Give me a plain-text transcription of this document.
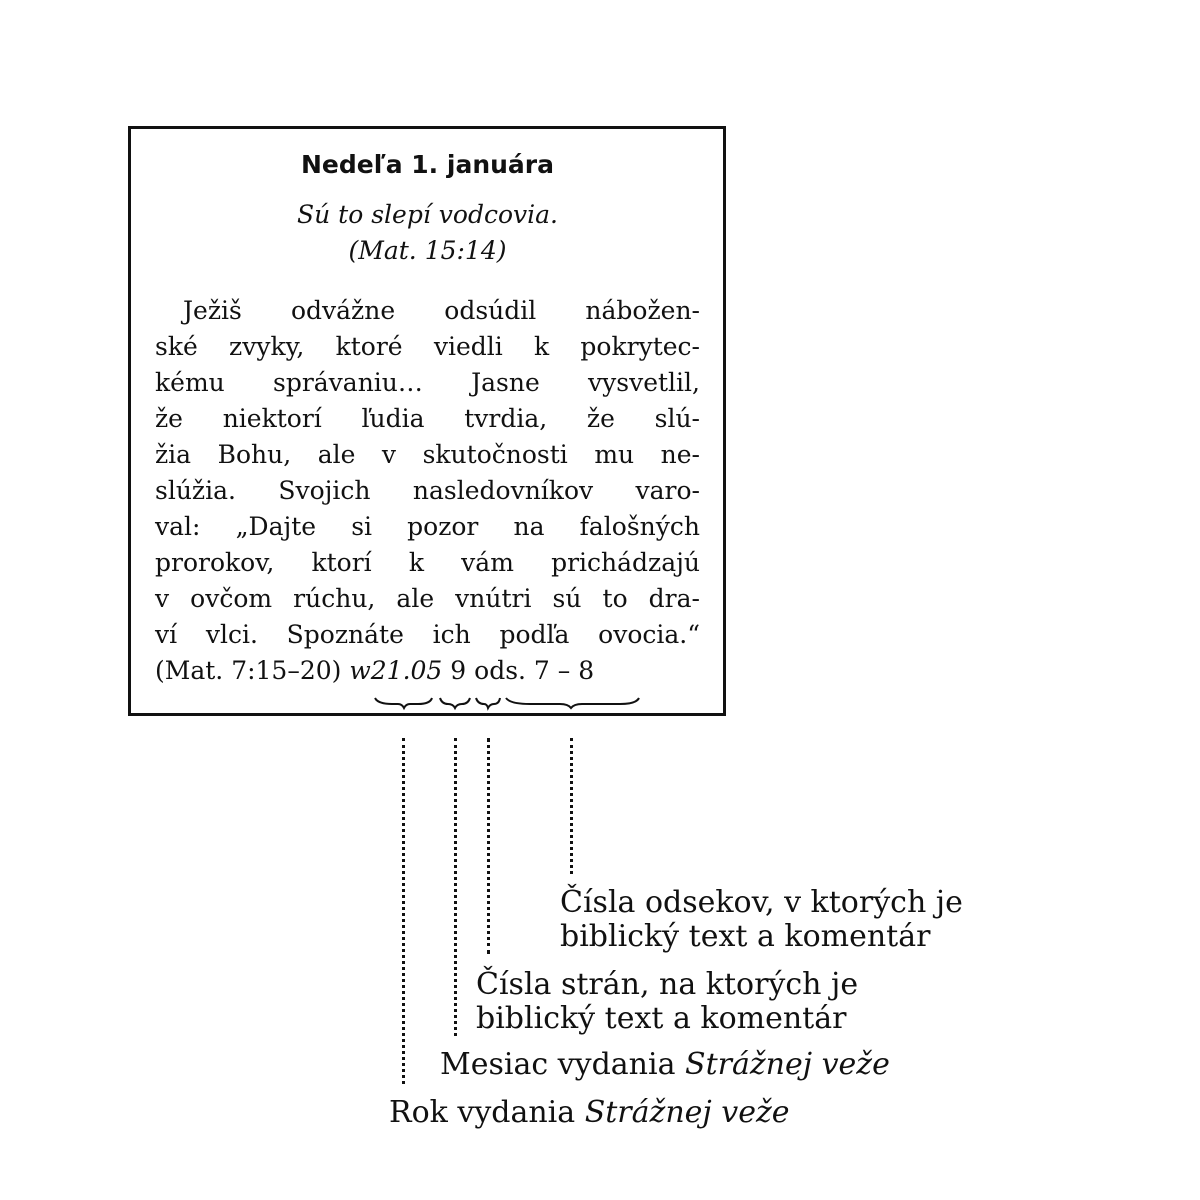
Nedeľa 1. januára
Sú to slepí vodcovia.
(Mat. 15:14)
Ježiš odvážne odsúdil nábožen-
ské zvyky, ktoré viedli k pokrytec-
kému správaniu… Jasne vysvetlil,
že niektorí ľudia tvrdia, že slú-
žia Bohu, ale v skutočnosti mu ne-
slúžia. Svojich nasledovníkov varo-
val: „Dajte si pozor na falošných
prorokov, ktorí k vám prichádzajú
v ovčom rúchu, ale vnútri sú to dra-
ví vlci. Spoznáte ich podľa ovocia.“
(Mat. 7:15–20) w21.05 9 ods. 7 – 8
Čísla odsekov, v ktorých je
biblický text a komentár
Čísla strán, na ktorých je
biblický text a komentár
Mesiac vydania Strážnej veže
Rok vydania Strážnej veže
